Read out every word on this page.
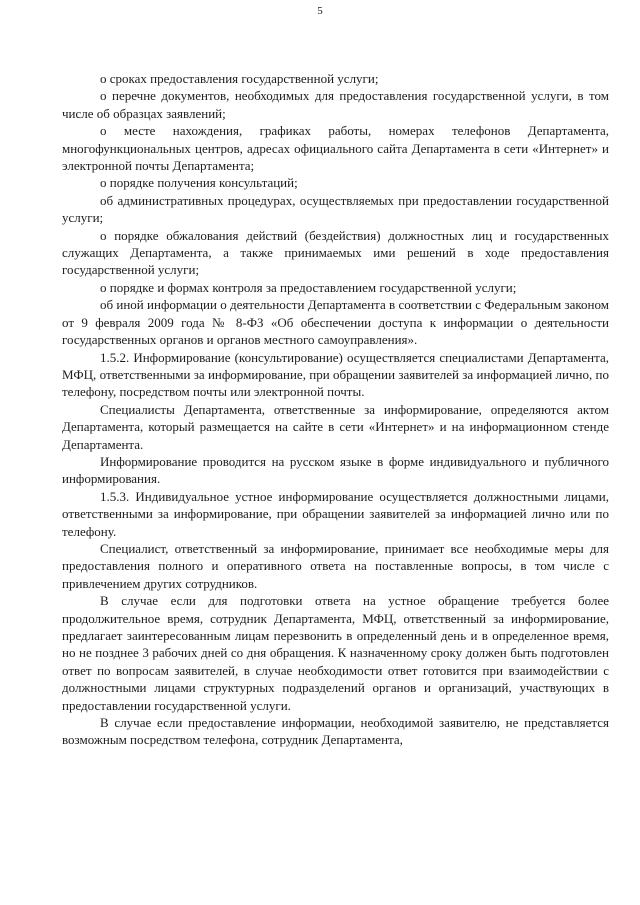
5

о сроках предоставления государственной услуги;

о перечне документов, необходимых для предоставления государственной услуги, в том числе об образцах заявлений;

о месте нахождения, графиках работы, номерах телефонов Департамента, многофункциональных центров, адресах официального сайта Департамента в сети «Интернет» и электронной почты Департамента;

о порядке получения консультаций;

об административных процедурах, осуществляемых при предоставлении государственной услуги;

о порядке обжалования действий (бездействия) должностных лиц и государственных служащих Департамента, а также принимаемых ими решений в ходе предоставления государственной услуги;

о порядке и формах контроля за предоставлением государственной услуги;

об иной информации о деятельности Департамента в соответствии с Федеральным законом от 9 февраля 2009 года № 8-ФЗ «Об обеспечении доступа к информации о деятельности государственных органов и органов местного самоуправления».

1.5.2. Информирование (консультирование) осуществляется специалистами Департамента, МФЦ, ответственными за информирование, при обращении заявителей за информацией лично, по телефону, посредством почты или электронной почты.

Специалисты Департамента, ответственные за информирование, определяются актом Департамента, который размещается на сайте в сети «Интернет» и на информационном стенде Департамента.

Информирование проводится на русском языке в форме индивидуального и публичного информирования.

1.5.3. Индивидуальное устное информирование осуществляется должностными лицами, ответственными за информирование, при обращении заявителей за информацией лично или по телефону.

Специалист, ответственный за информирование, принимает все необходимые меры для предоставления полного и оперативного ответа на поставленные вопросы, в том числе с привлечением других сотрудников.

В случае если для подготовки ответа на устное обращение требуется более продолжительное время, сотрудник Департамента, МФЦ, ответственный за информирование, предлагает заинтересованным лицам перезвонить в определенный день и в определенное время, но не позднее 3 рабочих дней со дня обращения. К назначенному сроку должен быть подготовлен ответ по вопросам заявителей, в случае необходимости ответ готовится при взаимодействии с должностными лицами структурных подразделений органов и организаций, участвующих в предоставлении государственной услуги.

В случае если предоставление информации, необходимой заявителю, не представляется возможным посредством телефона, сотрудник Департамента,
